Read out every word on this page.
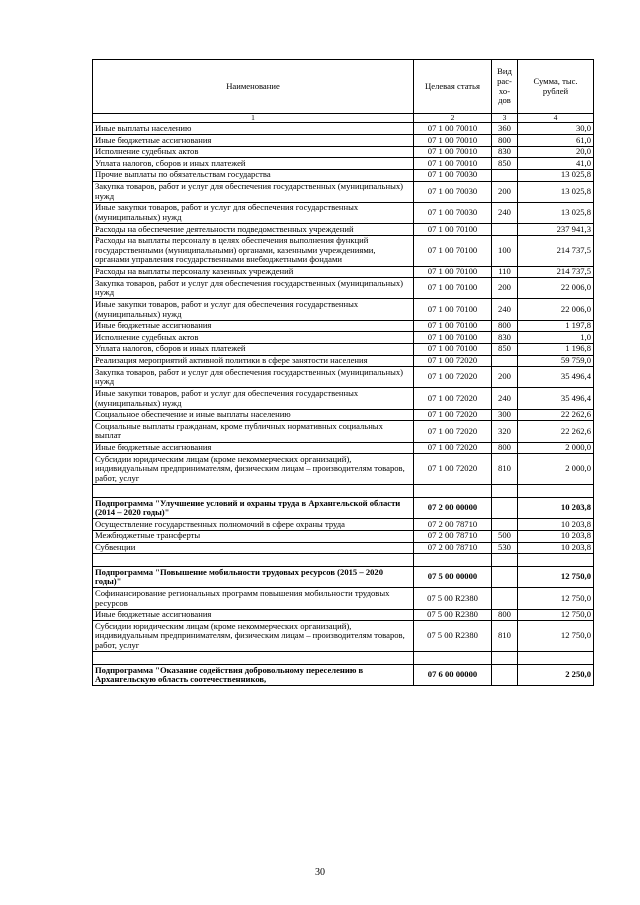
Наименование	Целевая статья	Вид рас- хо- дов	Сумма, тыс. рублей
1	2	3	4
Иные выплаты населению	07 1 00 70010	360	30,0
Иные бюджетные ассигнования	07 1 00 70010	800	61,0
Исполнение судебных актов	07 1 00 70010	830	20,0
Уплата налогов, сборов и иных платежей	07 1 00 70010	850	41,0
Прочие выплаты по обязательствам государства	07 1 00 70030		13 025,8
Закупка товаров, работ и услуг для обеспечения государственных (муниципальных) нужд	07 1 00 70030	200	13 025,8
Иные закупки товаров, работ и услуг для обеспечения государственных (муниципальных) нужд	07 1 00 70030	240	13 025,8
Расходы на обеспечение деятельности подведомственных учреждений	07 1 00 70100		237 941,3
Расходы на выплаты персоналу в целях обеспечения выполнения функций государственными (муниципальными) органами, казенными учреждениями, органами управления государственными внебюджетными фондами	07 1 00 70100	100	214 737,5
Расходы на выплаты персоналу казенных учреждений	07 1 00 70100	110	214 737,5
Закупка товаров, работ и услуг для обеспечения государственных (муниципальных) нужд	07 1 00 70100	200	22 006,0
Иные закупки товаров, работ и услуг для обеспечения государственных (муниципальных) нужд	07 1 00 70100	240	22 006,0
Иные бюджетные ассигнования	07 1 00 70100	800	1 197,8
Исполнение судебных актов	07 1 00 70100	830	1,0
Уплата налогов, сборов и иных платежей	07 1 00 70100	850	1 196,8
Реализация мероприятий активной политики в сфере занятости населения	07 1 00 72020		59 759,0
Закупка товаров, работ и услуг для обеспечения государственных (муниципальных) нужд	07 1 00 72020	200	35 496,4
Иные закупки товаров, работ и услуг для обеспечения государственных (муниципальных) нужд	07 1 00 72020	240	35 496,4
Социальное обеспечение и иные выплаты населению	07 1 00 72020	300	22 262,6
Социальные выплаты гражданам, кроме публичных нормативных социальных выплат	07 1 00 72020	320	22 262,6
Иные бюджетные ассигнования	07 1 00 72020	800	2 000,0
Субсидии юридическим лицам (кроме некоммерческих организаций), индивидуальным предпринимателям, физическим лицам – производителям товаров, работ, услуг	07 1 00 72020	810	2 000,0

Подпрограмма "Улучшение условий и охраны труда в Архангельской области (2014 – 2020 годы)"	07 2 00 00000		10 203,8
Осуществление государственных полномочий в сфере охраны труда	07 2 00 78710		10 203,8
Межбюджетные трансферты	07 2 00 78710	500	10 203,8
Субвенции	07 2 00 78710	530	10 203,8

Подпрограмма "Повышение мобильности трудовых ресурсов (2015 – 2020 годы)"	07 5 00 00000		12 750,0
Софинансирование региональных программ повышения мобильности трудовых ресурсов	07 5 00 R2380		12 750,0
Иные бюджетные ассигнования	07 5 00 R2380	800	12 750,0
Субсидии юридическим лицам (кроме некоммерческих организаций), индивидуальным предпринимателям, физическим лицам – производителям товаров, работ, услуг	07 5 00 R2380	810	12 750,0

Подпрограмма "Оказание содействия добровольному переселению в Архангельскую область соотечественников,	07 6 00 00000		2 250,0
30
